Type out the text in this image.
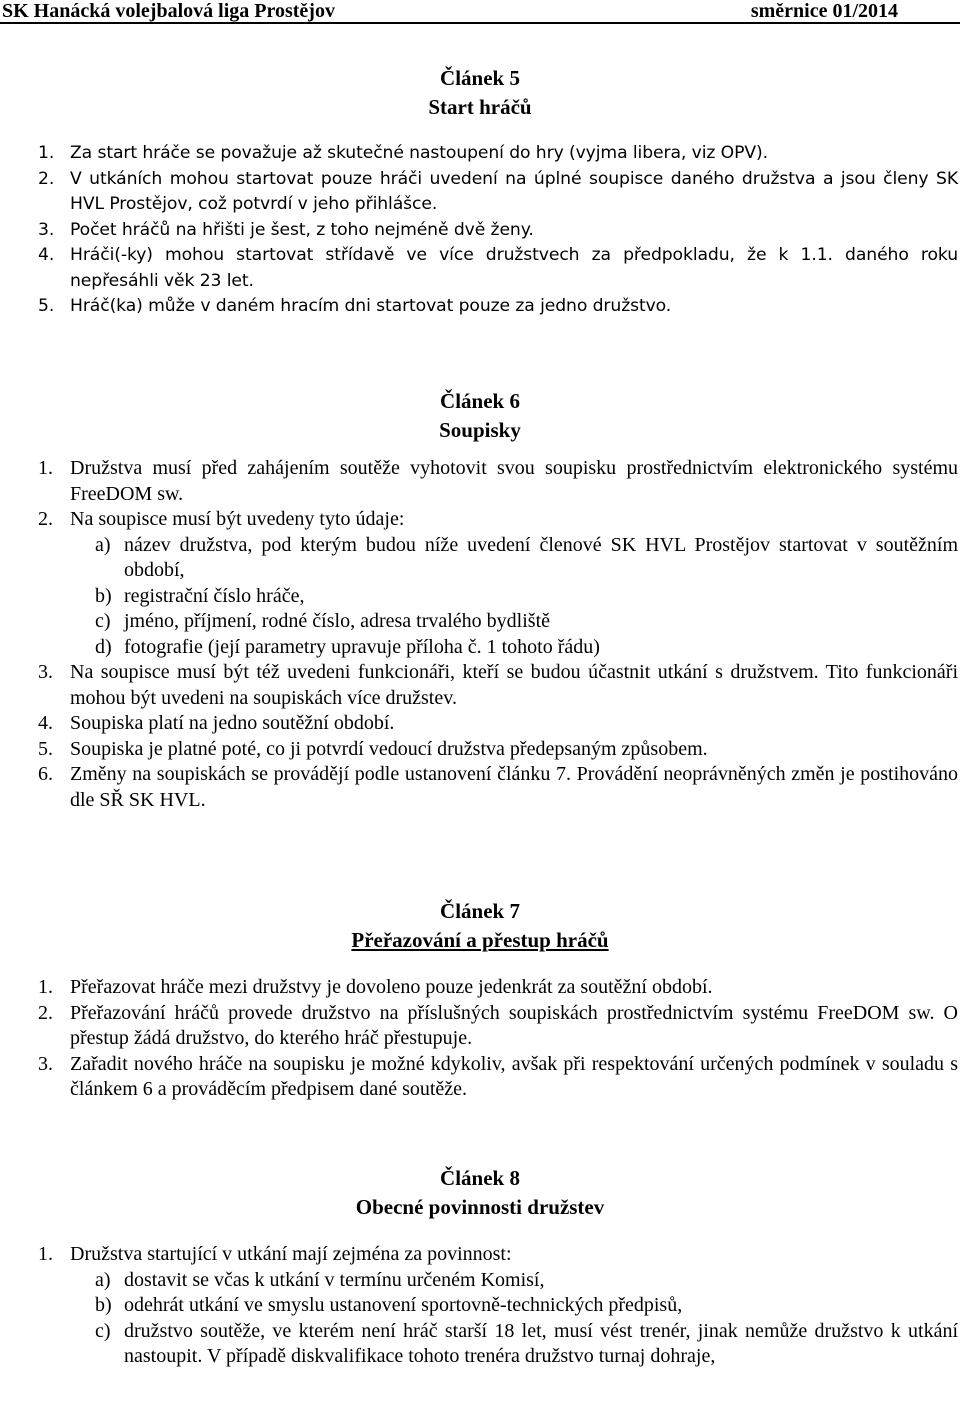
SK Hanácká volejbalová liga Prostějov	směrnice 01/2014
Článek 5
Start hráčů
1. Za start hráče se považuje až skutečné nastoupení do hry (vyjma libera, viz OPV).
2. V utkáních mohou startovat pouze hráči uvedení na úplné soupisce daného družstva a jsou členy SK HVL Prostějov, což potvrdí v jeho přihlášce.
3. Počet hráčů na hřišti je šest, z toho nejméně dvě ženy.
4. Hráči(-ky) mohou startovat střídavě ve více družstvech za předpokladu, že k 1.1. daného roku nepřesáhli věk 23 let.
5. Hráč(ka) může v daném hracím dni startovat pouze za jedno družstvo.
Článek 6
Soupisky
1. Družstva musí před zahájením soutěže vyhotovit svou soupisku prostřednictvím elektronického systému FreeDOM sw.
2. Na soupisce musí být uvedeny tyto údaje:
a) název družstva, pod kterým budou níže uvedení členové SK HVL Prostějov startovat v soutěžním období,
b) registrační číslo hráče,
c) jméno, příjmení, rodné číslo, adresa trvalého bydliště
d) fotografie (její parametry upravuje příloha č. 1 tohoto řádu)
3. Na soupisce musí být též uvedeni funkcionáři, kteří se budou účastnit utkání s družstvem. Tito funkcionáři mohou být uvedeni na soupiskách více družstev.
4. Soupiska platí na jedno soutěžní období.
5. Soupiska je platné poté, co ji potvrdí vedoucí družstva předepsaným způsobem.
6. Změny na soupiskách se provádějí podle ustanovení článku 7. Provádění neoprávněných změn je postihováno dle SŘ SK HVL.
Článek 7
Přeřazování a přestup hráčů
1. Přeřazovat hráče mezi družstvy je dovoleno pouze jedenkrát za soutěžní období.
2. Přeřazování hráčů provede družstvo na příslušných soupiskách prostřednictvím systému FreeDOM sw. O přestup žádá družstvo, do kterého hráč přestupuje.
3. Zařadit nového hráče na soupisku je možné kdykoliv, avšak při respektování určených podmínek v souladu s článkem 6 a prováděcím předpisem dané soutěže.
Článek 8
Obecné povinnosti družstev
1. Družstva startující v utkání mají zejména za povinnost:
a) dostavit se včas k utkání v termínu určeném Komisí,
b) odehrát utkání ve smyslu ustanovení sportovně-technických předpisů,
c) družstvo soutěže, ve kterém není hráč starší 18 let, musí vést trenér, jinak nemůže družstvo k utkání nastoupit. V případě diskvalifikace tohoto trenéra družstvo turnaj dohraje,
